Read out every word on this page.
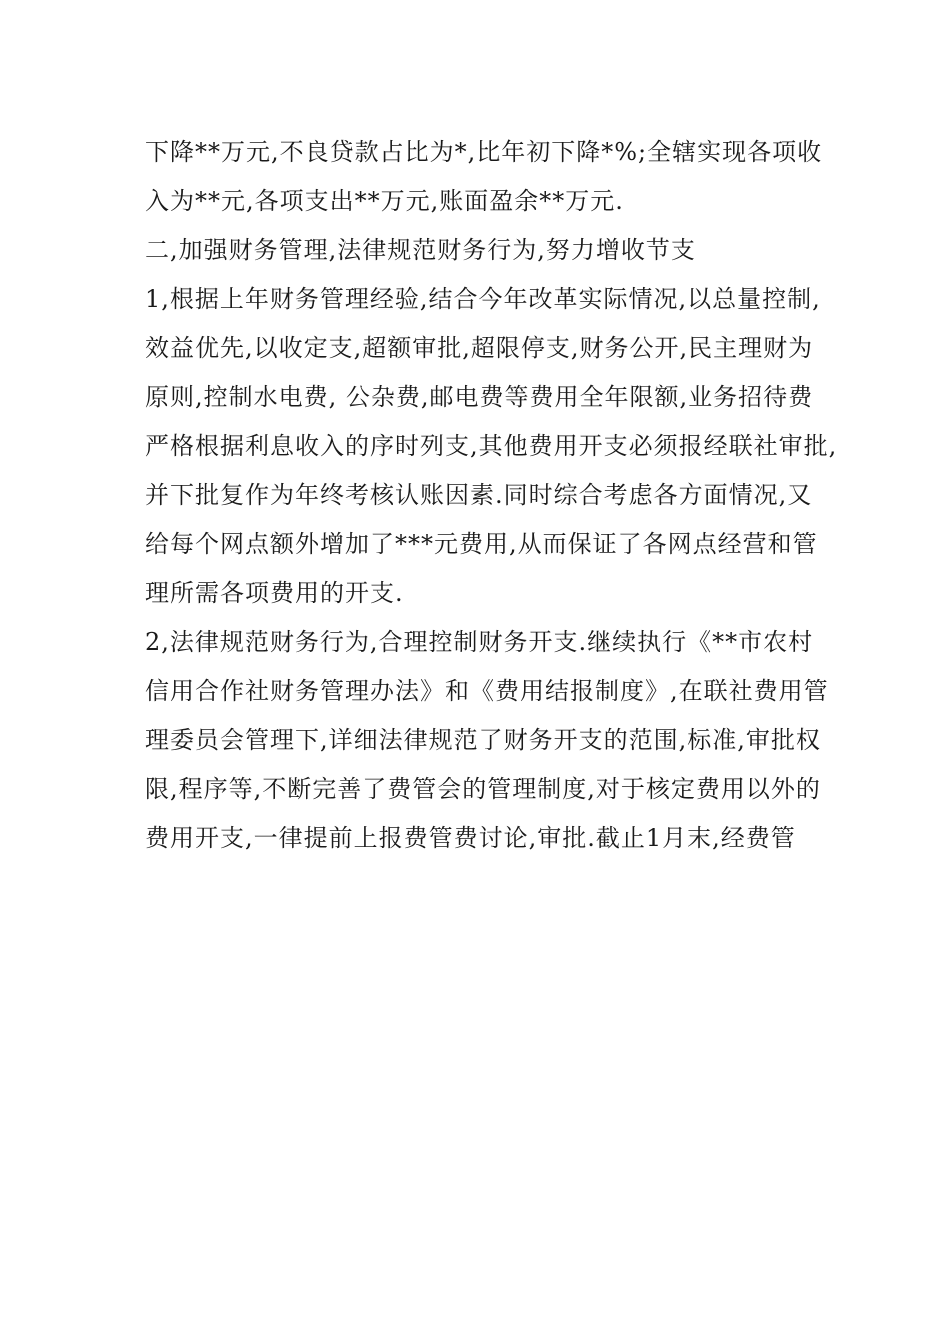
下降**万元,不良贷款占比为*,比年初下降*%;全辖实现各项收
入为**元,各项支出**万元,账面盈余**万元.
二,加强财务管理,法律规范财务行为,努力增收节支
1,根据上年财务管理经验,结合今年改革实际情况,以总量控制,
效益优先,以收定支,超额审批,超限停支,财务公开,民主理财为
原则,控制水电费, 公杂费,邮电费等费用全年限额,业务招待费
严格根据利息收入的序时列支,其他费用开支必须报经联社审批,
并下批复作为年终考核认账因素.同时综合考虑各方面情况,又
给每个网点额外增加了***元费用,从而保证了各网点经营和管
理所需各项费用的开支.
2,法律规范财务行为,合理控制财务开支.继续执行《**市农村
信用合作社财务管理办法》和《费用结报制度》,在联社费用管
理委员会管理下,详细法律规范了财务开支的范围,标准,审批权
限,程序等,不断完善了费管会的管理制度,对于核定费用以外的
费用开支,一律提前上报费管费讨论,审批.截止1月末,经费管
